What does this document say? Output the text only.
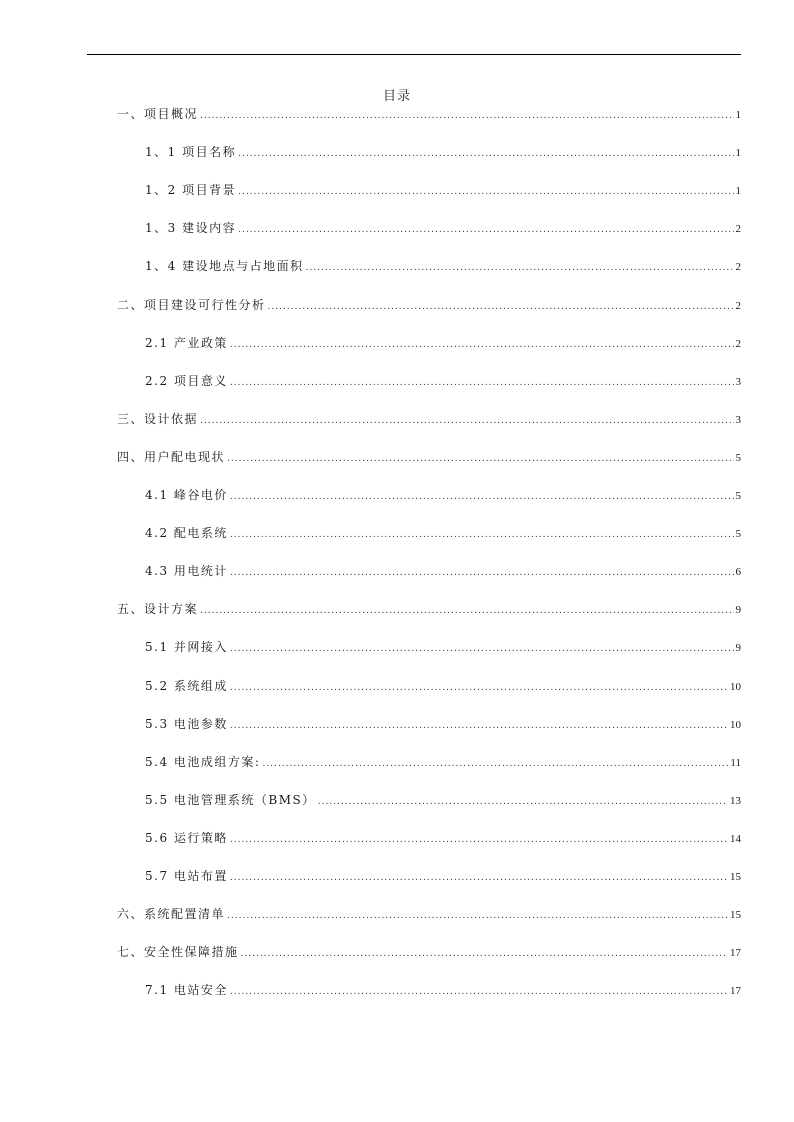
目录
一、项目概况 .....	1
1、1 项目名称 .....	1
1、2 项目背景 .....	1
1、3 建设内容 .....	2
1、4 建设地点与占地面积 .....	2
二、项目建设可行性分析 .....	2
2.1 产业政策 .....	2
2.2 项目意义 .....	3
三、设计依据 .....	3
四、用户配电现状 .....	5
4.1 峰谷电价 .....	5
4.2 配电系统 .....	5
4.3 用电统计 .....	6
五、设计方案 .....	9
5.1 并网接入 .....	9
5.2 系统组成 .....	10
5.3 电池参数 .....	10
5.4 电池成组方案: .....	11
5.5 电池管理系统（BMS） .....	13
5.6 运行策略 .....	14
5.7 电站布置 .....	15
六、系统配置清单 .....	15
七、安全性保障措施 .....	17
7.1 电站安全 .....	17
